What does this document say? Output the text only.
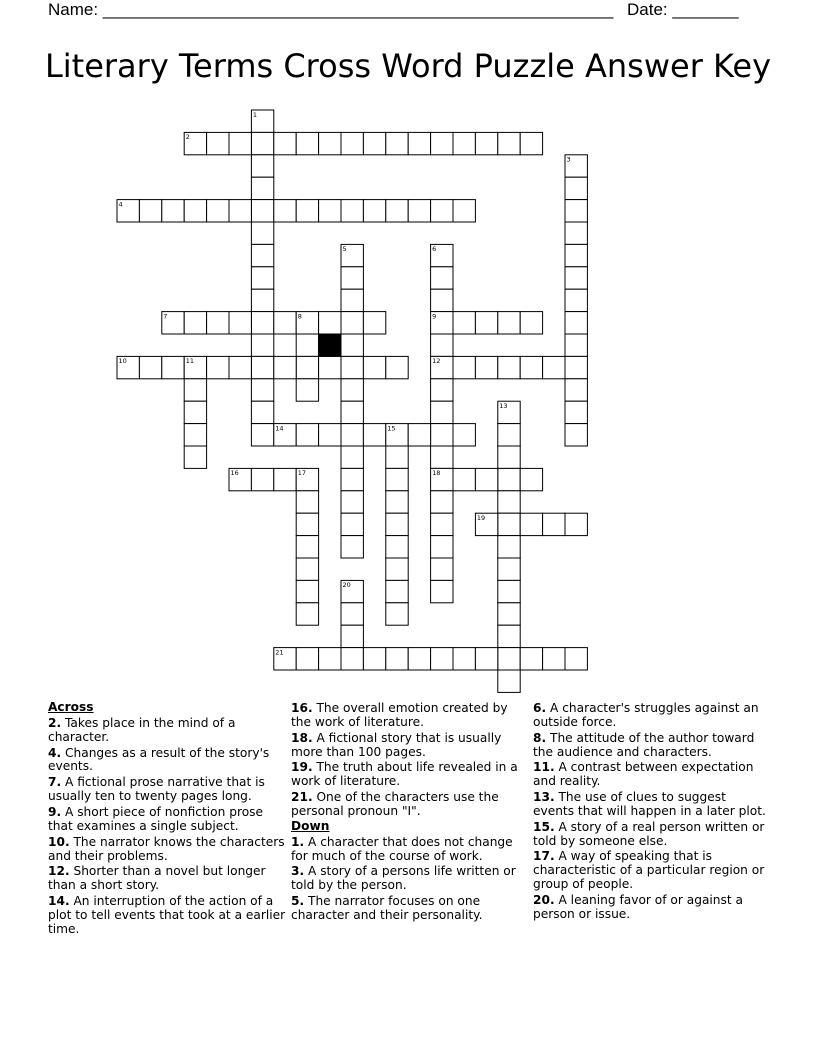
Name: ______________________________________________________ Date: _______
Literary Terms Cross Word Puzzle Answer Key
1
2
3
4
5	6
7	8	9
10	11	12
13
14	15
16	17	18
19
20
21
Across
2. Takes place in the mind of a character.
4. Changes as a result of the story's events.
7. A fictional prose narrative that is usually ten to twenty pages long.
9. A short piece of nonfiction prose that examines a single subject.
10. The narrator knows the characters and their problems.
12. Shorter than a novel but longer than a short story.
14. An interruption of the action of a plot to tell events that took at a earlier time.
16. The overall emotion created by the work of literature.
18. A fictional story that is usually more than 100 pages.
19. The truth about life revealed in a work of literature.
21. One of the characters use the personal pronoun "I".
Down
1. A character that does not change for much of the course of work.
3. A story of a persons life written or told by the person.
5. The narrator focuses on one character and their personality.
6. A character's struggles against an outside force.
8. The attitude of the author toward the audience and characters.
11. A contrast between expectation and reality.
13. The use of clues to suggest events that will happen in a later plot.
15. A story of a real person written or told by someone else.
17. A way of speaking that is characteristic of a particular region or group of people.
20. A leaning favor of or against a person or issue.
